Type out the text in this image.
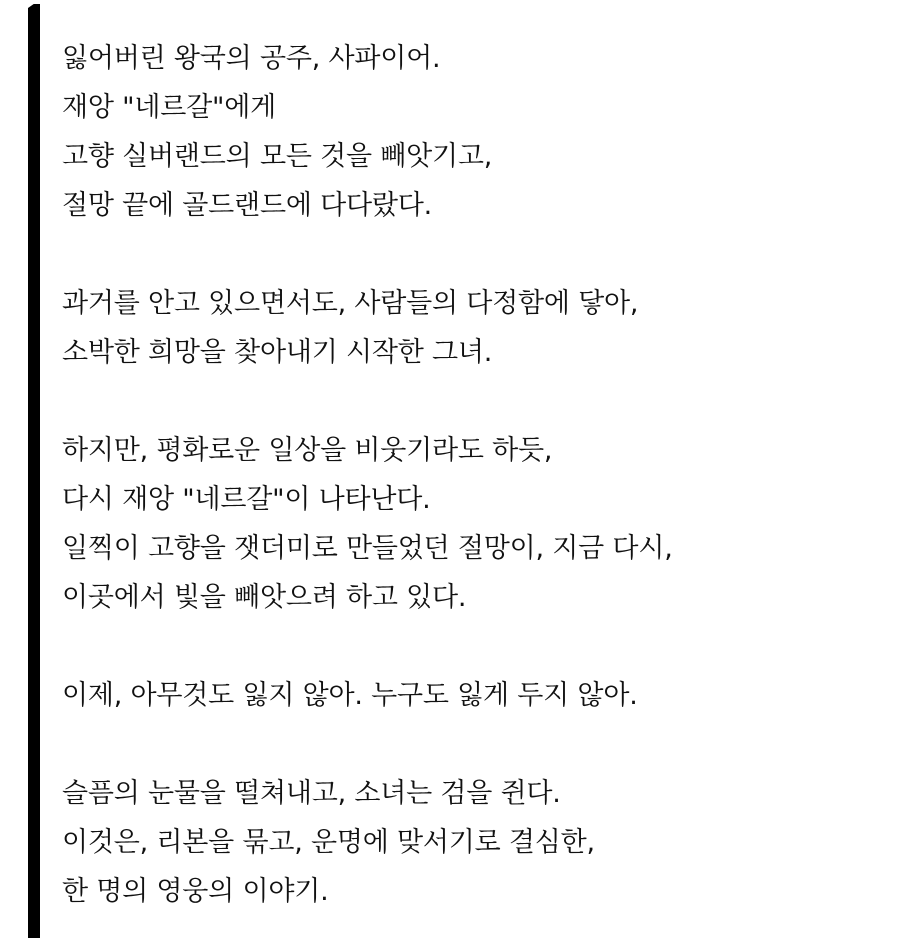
잃어버린 왕국의 공주, 사파이어.
재앙 "네르갈"에게
고향 실버랜드의 모든 것을 빼앗기고,
절망 끝에 골드랜드에 다다랐다.
과거를 안고 있으면서도, 사람들의 다정함에 닿아,
소박한 희망을 찾아내기 시작한 그녀.
하지만, 평화로운 일상을 비웃기라도 하듯,
다시 재앙 "네르갈"이 나타난다.
일찍이 고향을 잿더미로 만들었던 절망이, 지금 다시,
이곳에서 빛을 빼앗으려 하고 있다.
이제, 아무것도 잃지 않아. 누구도 잃게 두지 않아.
슬픔의 눈물을 떨쳐내고, 소녀는 검을 쥔다.
이것은, 리본을 묶고, 운명에 맞서기로 결심한,
한 명의 영웅의 이야기.
